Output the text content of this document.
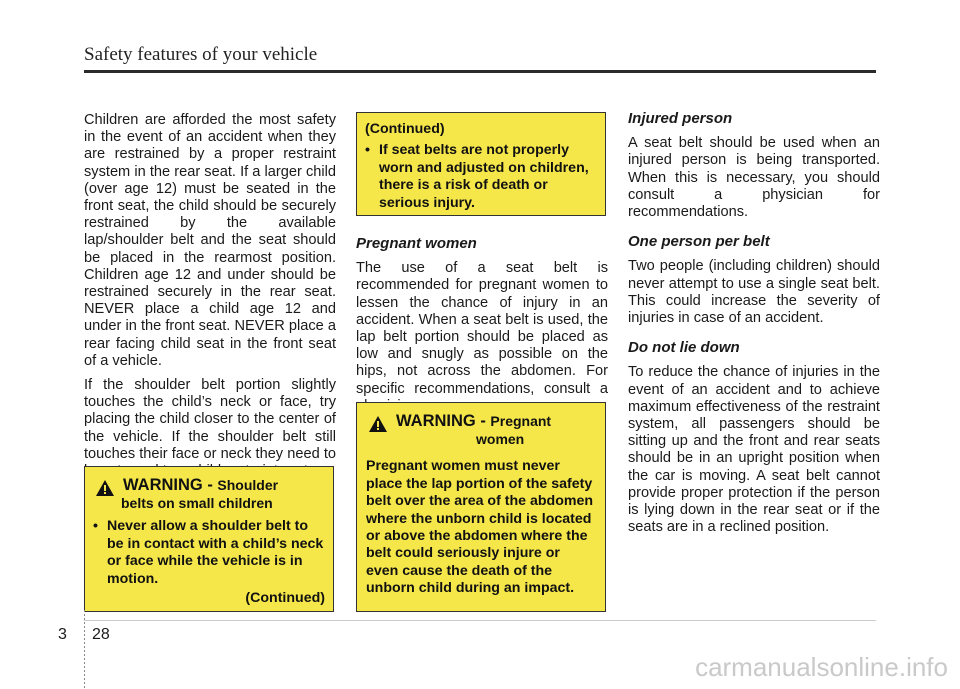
Safety features of your vehicle

Children are afforded the most safety in the event of an accident when they are restrained by a proper restraint system in the rear seat. If a larger child (over age 12) must be seated in the front seat, the child should be securely restrained by the available lap/shoulder belt and the seat should be placed in the rearmost position. Children age 12 and under should be restrained securely in the rear seat. NEVER place a child age 12 and under in the front seat. NEVER place a rear facing child seat in the front seat of a vehicle.

If the shoulder belt portion slightly touches the child’s neck or face, try placing the child closer to the center of the vehicle. If the shoulder belt still touches their face or neck they need to

WARNING - Shoulder
belts on small children
• Never allow a shoulder belt to be in contact with a child’s neck or face while the vehicle is in motion.
(Continued)
(Continued)
• If seat belts are not properly worn and adjusted on children, there is a risk of death or serious injury.
Pregnant women

The use of a seat belt is recommended for pregnant women to lessen the chance of injury in an accident. When a seat belt is used, the lap belt portion should be placed as low and snugly as possible on the hips, not across the abdomen. For specific recommendations, consult a

WARNING - Pregnant
women
Pregnant women must never place the lap portion of the safety belt over the area of the abdomen where the unborn child is located or above the abdomen where the belt could seriously injure or even cause the death of the unborn child during an impact.
Injured person

A seat belt should be used when an injured person is being transported. When this is necessary, you should consult a physician for recommendations.

One person per belt

Two people (including children) should never attempt to use a single seat belt. This could increase the severity of injuries in case of an accident.

Do not lie down

To reduce the chance of injuries in the event of an accident and to achieve maximum effectiveness of the restraint system, all passengers should be sitting up and the front and rear seats should be in an upright position when the car is moving. A seat belt cannot provide proper protection if the person is lying down in the rear seat or if the seats are in a reclined position.

3 28
carmanualsonline.info
